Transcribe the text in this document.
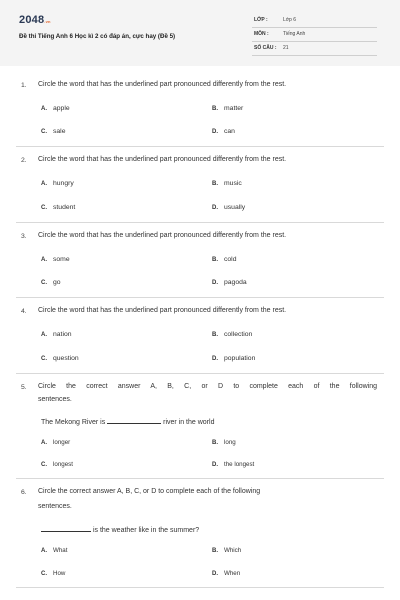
2048.vn
Đề thi Tiếng Anh 6 Học kì 2 có đáp án, cực hay (Đề 5)
LỚP :	Lớp 6
MÔN :	Tiếng Anh
SỐ CÂU : 21
1. Circle the word that has the underlined part pronounced differently from the rest.
A. apple	B. matter
C. sale	D. can
2. Circle the word that has the underlined part pronounced differently from the rest.
A. hungry	B. music
C. student	D. usually
3. Circle the word that has the underlined part pronounced differently from the rest.
A. some	B. cold
C. go	D. pagoda
4. Circle the word that has the underlined part pronounced differently from the rest.
A. nation	B. collection
C. question	D. population
5. Circle the correct answer A, B, C, or D to complete each of the following
sentences.
The Mekong River is	river in the world
A. longer	B. long
C. longest	D. the longest
6. Circle the correct answer A, B, C, or D to complete each of the following
sentences.
is the weather like in the summer?
A. What	B. Which
C. How	D. When
